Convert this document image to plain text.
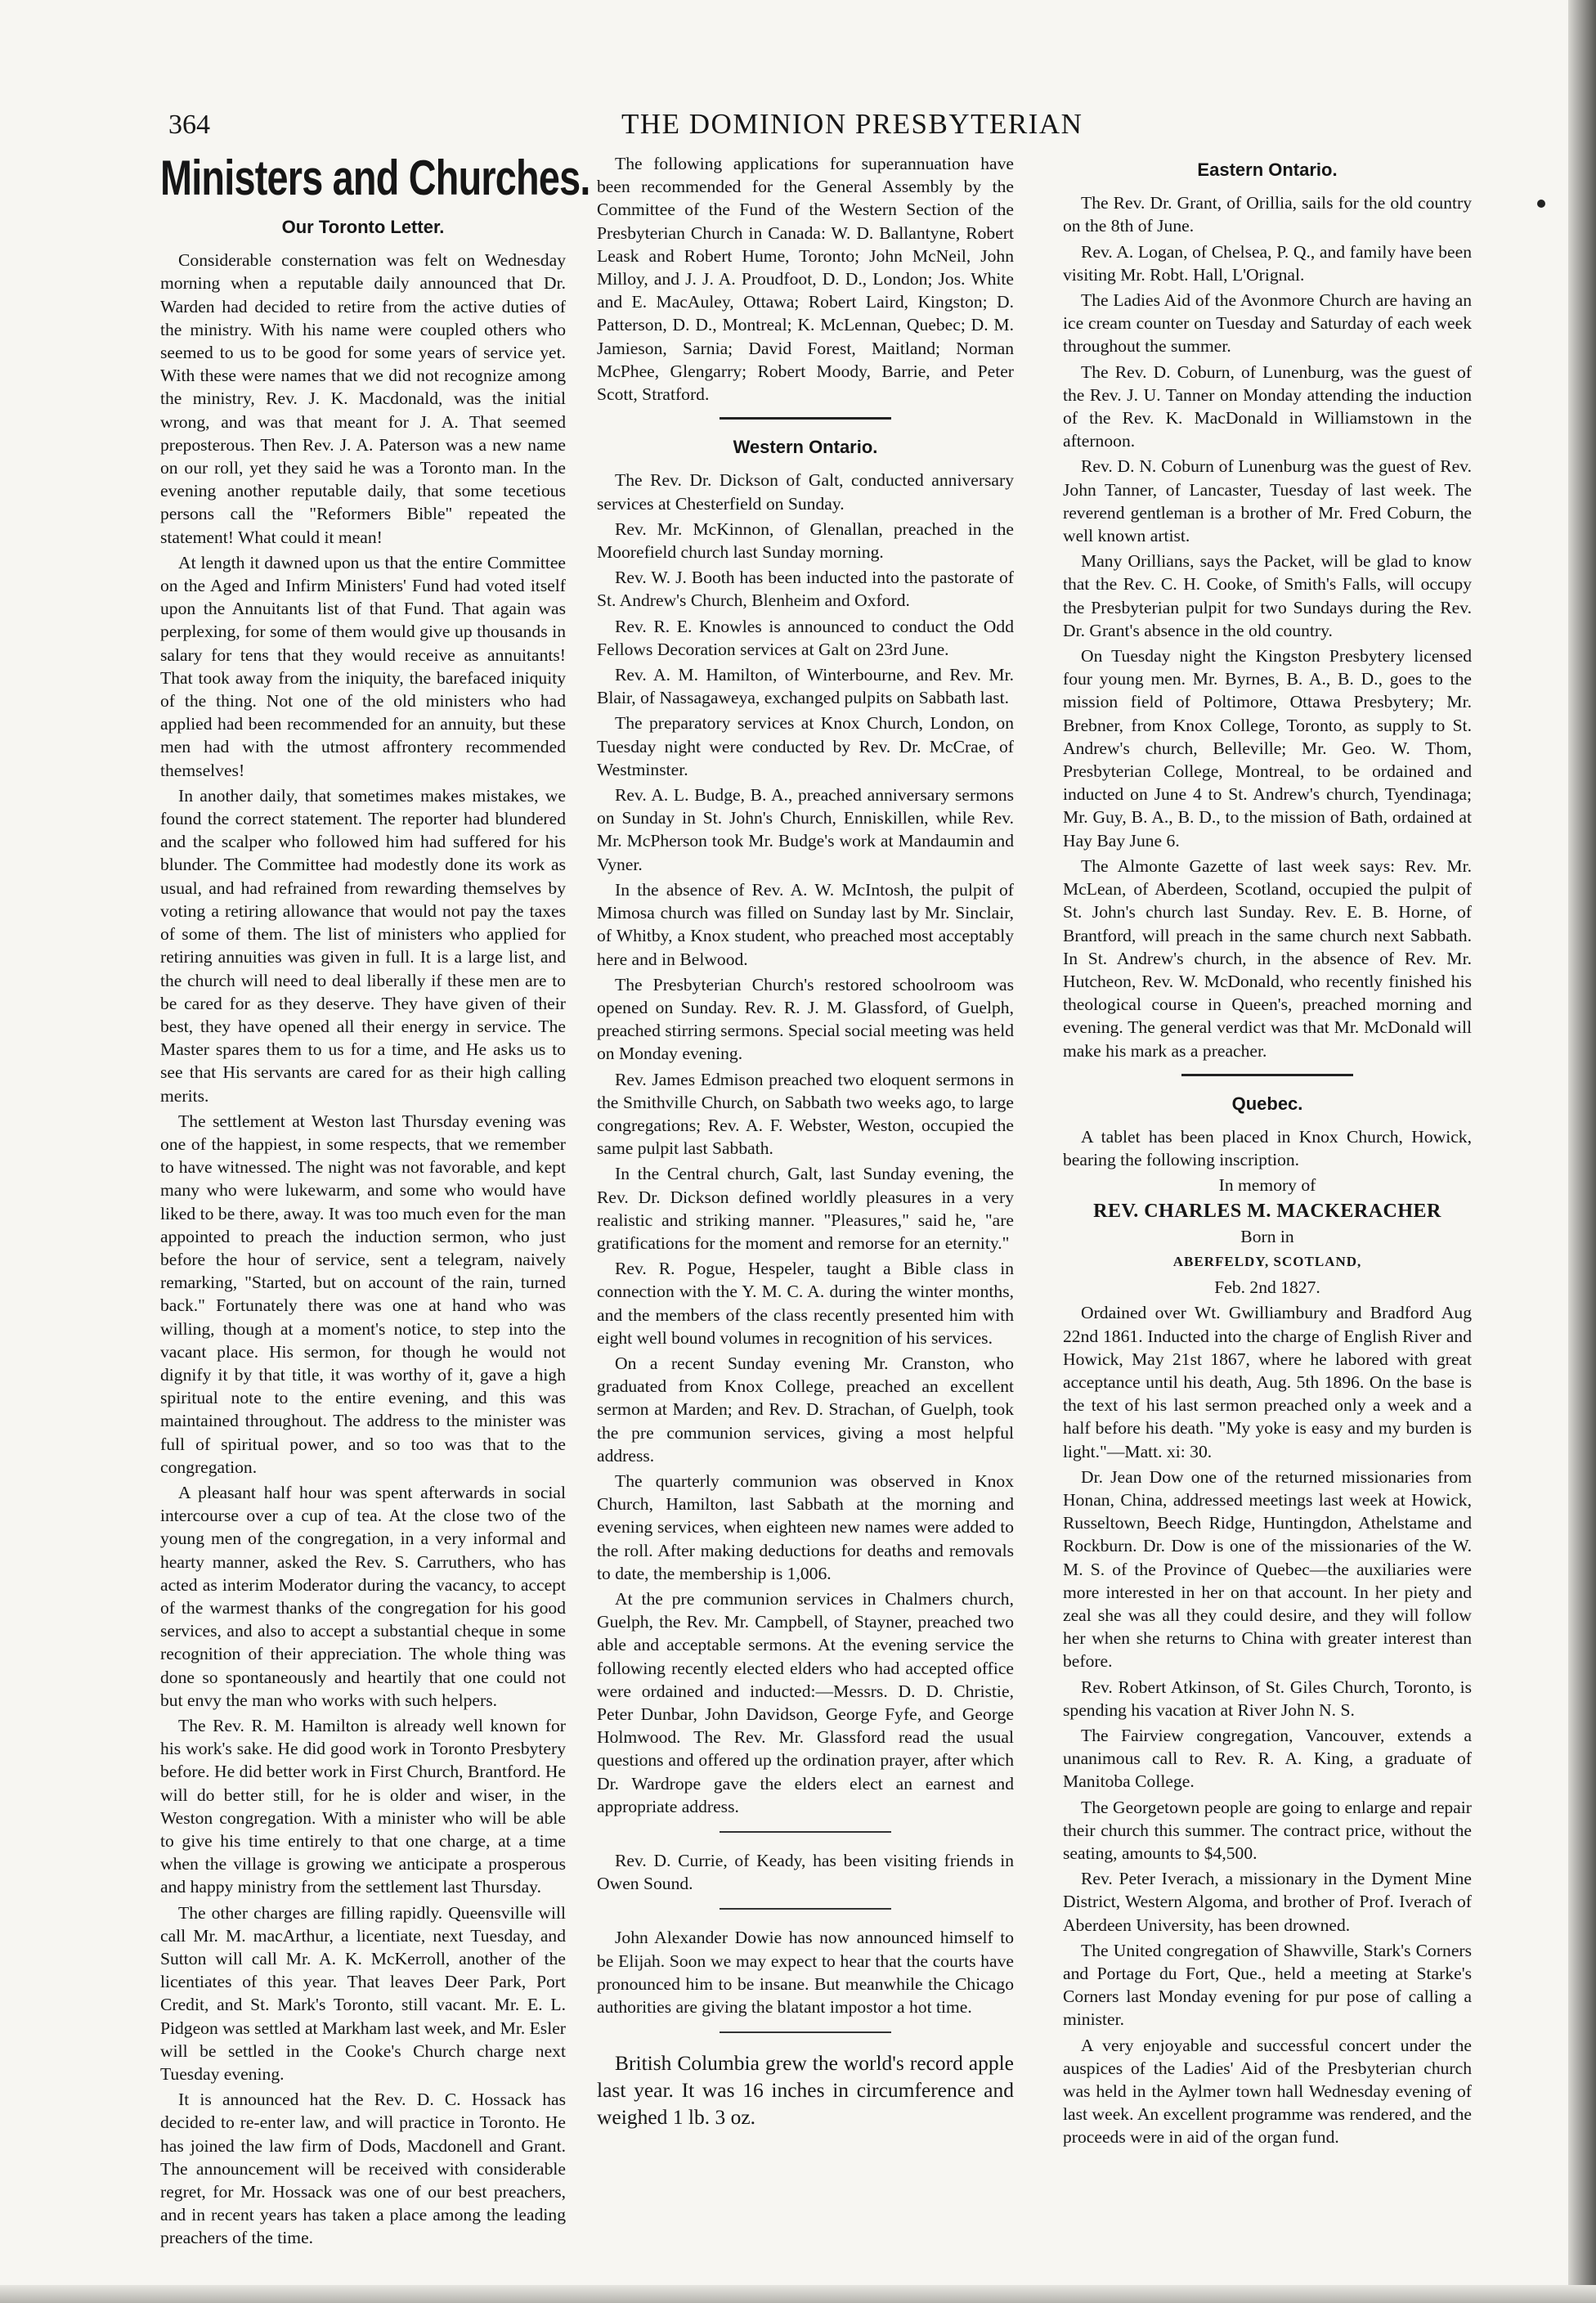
364	THE DOMINION PRESBYTERIAN
Ministers and Churches.
Our Toronto Letter.

Considerable consternation was felt on Wednesday morning when a reputable daily announced that Dr. Warden had decided to retire from the active duties of the ministry. With his name were coupled others who seemed to us to be good for some years of service yet. With these were names that we did not recognize among the ministry, Rev. J. K. Macdonald, was the initial wrong, and was that meant for J. A. That seemed preposterous. Then Rev. J. A. Paterson was a new name on our roll, yet they said he was a Toronto man. In the evening another reputable daily, that some tecetious persons call the "Reformers Bible" repeated the statement! What could it mean!

At length it dawned upon us that the entire Committee on the Aged and Infirm Ministers' Fund had voted itself upon the Annuitants list of that Fund. That again was perplexing, for some of them would give up thousands in salary for tens that they would receive as annuitants! That took away from the iniquity, the barefaced iniquity of the thing. Not one of the old ministers who had applied had been recommended for an annuity, but these men had with the utmost affrontery recommended themselves!

In another daily, that sometimes makes mistakes, we found the correct statement. The reporter had blundered and the scalper who followed him had suffered for his blunder. The Committee had modestly done its work as usual, and had refrained from rewarding themselves by voting a retiring allowance that would not pay the taxes of some of them. The list of ministers who applied for retiring annuities was given in full. It is a large list, and the church will need to deal liberally if these men are to be cared for as they deserve. They have given of their best, they have opened all their energy in service. The Master spares them to us for a time, and He asks us to see that His servants are cared for as their high calling merits.

The settlement at Weston last Thursday evening was one of the happiest, in some respects, that we remember to have witnessed. The night was not favorable, and kept many who were lukewarm, and some who would have liked to be there, away. It was too much even for the man appointed to preach the induction sermon, who just before the hour of service, sent a telegram, naively remarking, "Started, but on account of the rain, turned back." Fortunately there was one at hand who was willing, though at a moment's notice, to step into the vacant place. His sermon, for though he would not dignify it by that title, it was worthy of it, gave a high spiritual note to the entire evening, and this was maintained throughout. The address to the minister was full of spiritual power, and so too was that to the congregation.

A pleasant half hour was spent afterwards in social intercourse over a cup of tea. At the close two of the young men of the congregation, in a very informal and hearty manner, asked the Rev. S. Carruthers, who has acted as interim Moderator during the vacancy, to accept of the warmest thanks of the congregation for his good services, and also to accept a substantial cheque in some recognition of their appreciation. The whole thing was done so spontaneously and heartily that one could not but envy the man who works with such helpers.

The Rev. R. M. Hamilton is already well known for his work's sake. He did good work in Toronto Presbytery before. He did better work in First Church, Brantford. He will do better still, for he is older and wiser, in the Weston congregation. With a minister who will be able to give his time entirely to that one charge, at a time when the village is growing we anticipate a prosperous and happy ministry from the settlement last Thursday.

The other charges are filling rapidly. Queensville will call Mr. M. macArthur, a licentiate, next Tuesday, and Sutton will call Mr. A. K. McKerroll, another of the licentiates of this year. That leaves Deer Park, Port Credit, and St. Mark's Toronto, still vacant. Mr. E. L. Pidgeon was settled at Markham last week, and Mr. Esler will be settled in the Cooke's Church charge next Tuesday evening.

It is announced hat the Rev. D. C. Hossack has decided to re-enter law, and will practice in Toronto. He has joined the law firm of Dods, Macdonell and Grant. The announcement will be received with considerable regret, for Mr. Hossack was one of our best preachers, and in recent years has taken a place among the leading preachers of the time.

The following applications for superannuation have been recommended for the General Assembly by the Committee of the Fund of the Western Section of the Presbyterian Church in Canada: W. D. Ballantyne, Robert Leask and Robert Hume, Toronto; John McNeil, John Milloy, and J. J. A. Proudfoot, D. D., London; Jos. White and E. MacAuley, Ottawa; Robert Laird, Kingston; D. Patterson, D. D., Montreal; K. McLennan, Quebec; D. M. Jamieson, Sarnia; David Forest, Maitland; Norman McPhee, Glengarry; Robert Moody, Barrie, and Peter Scott, Stratford.

Western Ontario.

The Rev. Dr. Dickson of Galt, conducted anniversary services at Chesterfield on Sunday.

Rev. Mr. McKinnon, of Glenallan, preached in the Moorefield church last Sunday morning.

Rev. W. J. Booth has been inducted into the pastorate of St. Andrew's Church, Blenheim and Oxford.

Rev. R. E. Knowles is announced to conduct the Odd Fellows Decoration services at Galt on 23rd June.

Rev. A. M. Hamilton, of Winterbourne, and Rev. Mr. Blair, of Nassagaweya, exchanged pulpits on Sabbath last.

The preparatory services at Knox Church, London, on Tuesday night were conducted by Rev. Dr. McCrae, of Westminster.

Rev. A. L. Budge, B. A., preached anniversary sermons on Sunday in St. John's Church, Enniskillen, while Rev. Mr. McPherson took Mr. Budge's work at Mandaumin and Vyner.

In the absence of Rev. A. W. McIntosh, the pulpit of Mimosa church was filled on Sunday last by Mr. Sinclair, of Whitby, a Knox student, who preached most acceptably here and in Belwood.

The Presbyterian Church's restored schoolroom was opened on Sunday. Rev. R. J. M. Glassford, of Guelph, preached stirring sermons. Special social meeting was held on Monday evening.

Rev. James Edmison preached two eloquent sermons in the Smithville Church, on Sabbath two weeks ago, to large congregations; Rev. A. F. Webster, Weston, occupied the same pulpit last Sabbath.

In the Central church, Galt, last Sunday evening, the Rev. Dr. Dickson defined worldly pleasures in a very realistic and striking manner. "Pleasures," said he, "are gratifications for the moment and remorse for an eternity."

Rev. R. Pogue, Hespeler, taught a Bible class in connection with the Y. M. C. A. during the winter months, and the members of the class recently presented him with eight well bound volumes in recognition of his services.

On a recent Sunday evening Mr. Cranston, who graduated from Knox College, preached an excellent sermon at Marden; and Rev. D. Strachan, of Guelph, took the pre communion services, giving a most helpful address.

The quarterly communion was observed in Knox Church, Hamilton, last Sabbath at the morning and evening services, when eighteen new names were added to the roll. After making deductions for deaths and removals to date, the membership is 1,006.

At the pre communion services in Chalmers church, Guelph, the Rev. Mr. Campbell, of Stayner, preached two able and acceptable sermons. At the evening service the following recently elected elders who had accepted office were ordained and inducted:—Messrs. D. D. Christie, Peter Dunbar, John Davidson, George Fyfe, and George Holmwood. The Rev. Mr. Glassford read the usual questions and offered up the ordination prayer, after which Dr. Wardrope gave the elders elect an earnest and appropriate address.

Rev. D. Currie, of Keady, has been visiting friends in Owen Sound.

John Alexander Dowie has now announced himself to be Elijah. Soon we may expect to hear that the courts have pronounced him to be insane. But meanwhile the Chicago authorities are giving the blatant impostor a hot time.

British Columbia grew the world's record apple last year. It was 16 inches in circumference and weighed 1 lb. 3 oz.

Eastern Ontario.

The Rev. Dr. Grant, of Orillia, sails for the old country on the 8th of June.

Rev. A. Logan, of Chelsea, P. Q., and family have been visiting Mr. Robt. Hall, L'Orignal.

The Ladies Aid of the Avonmore Church are having an ice cream counter on Tuesday and Saturday of each week throughout the summer.

The Rev. D. Coburn, of Lunenburg, was the guest of the Rev. J. U. Tanner on Monday attending the induction of the Rev. K. MacDonald in Williamstown in the afternoon.

Rev. D. N. Coburn of Lunenburg was the guest of Rev. John Tanner, of Lancaster, Tuesday of last week. The reverend gentleman is a brother of Mr. Fred Coburn, the well known artist.

Many Orillians, says the Packet, will be glad to know that the Rev. C. H. Cooke, of Smith's Falls, will occupy the Presbyterian pulpit for two Sundays during the Rev. Dr. Grant's absence in the old country.

On Tuesday night the Kingston Presbytery licensed four young men. Mr. Byrnes, B. A., B. D., goes to the mission field of Poltimore, Ottawa Presbytery; Mr. Brebner, from Knox College, Toronto, as supply to St. Andrew's church, Belleville; Mr. Geo. W. Thom, Presbyterian College, Montreal, to be ordained and inducted on June 4 to St. Andrew's church, Tyendinaga; Mr. Guy, B. A., B. D., to the mission of Bath, ordained at Hay Bay June 6.

The Almonte Gazette of last week says: Rev. Mr. McLean, of Aberdeen, Scotland, occupied the pulpit of St. John's church last Sunday. Rev. E. B. Horne, of Brantford, will preach in the same church next Sabbath. In St. Andrew's church, in the absence of Rev. Mr. Hutcheon, Rev. W. McDonald, who recently finished his theological course in Queen's, preached morning and evening. The general verdict was that Mr. McDonald will make his mark as a preacher.

Quebec.

A tablet has been placed in Knox Church, Howick, bearing the following inscription.

In memory of

REV. CHARLES M. MACKERACHER

Born in

ABERFELDY, SCOTLAND,

Feb. 2nd 1827.

Ordained over Wt. Gwilliambury and Bradford Aug 22nd 1861. Inducted into the charge of English River and Howick, May 21st 1867, where he labored with great acceptance until his death, Aug. 5th 1896. On the base is the text of his last sermon preached only a week and a half before his death. "My yoke is easy and my burden is light."—Matt. xi: 30.

Dr. Jean Dow one of the returned missionaries from Honan, China, addressed meetings last week at Howick, Russeltown, Beech Ridge, Huntingdon, Athelstame and Rockburn. Dr. Dow is one of the missionaries of the W. M. S. of the Province of Quebec—the auxiliaries were more interested in her on that account. In her piety and zeal she was all they could desire, and they will follow her when she returns to China with greater interest than before.

Rev. Robert Atkinson, of St. Giles Church, Toronto, is spending his vacation at River John N. S.

The Fairview congregation, Vancouver, extends a unanimous call to Rev. R. A. King, a graduate of Manitoba College.

The Georgetown people are going to enlarge and repair their church this summer. The contract price, without the seating, amounts to $4,500.

Rev. Peter Iverach, a missionary in the Dyment Mine District, Western Algoma, and brother of Prof. Iverach of Aberdeen University, has been drowned.

The United congregation of Shawville, Stark's Corners and Portage du Fort, Que., held a meeting at Starke's Corners last Monday evening for pur pose of calling a minister.

A very enjoyable and successful concert under the auspices of the Ladies' Aid of the Presbyterian church was held in the Aylmer town hall Wednesday evening of last week. An excellent programme was rendered, and the proceeds were in aid of the organ fund.
